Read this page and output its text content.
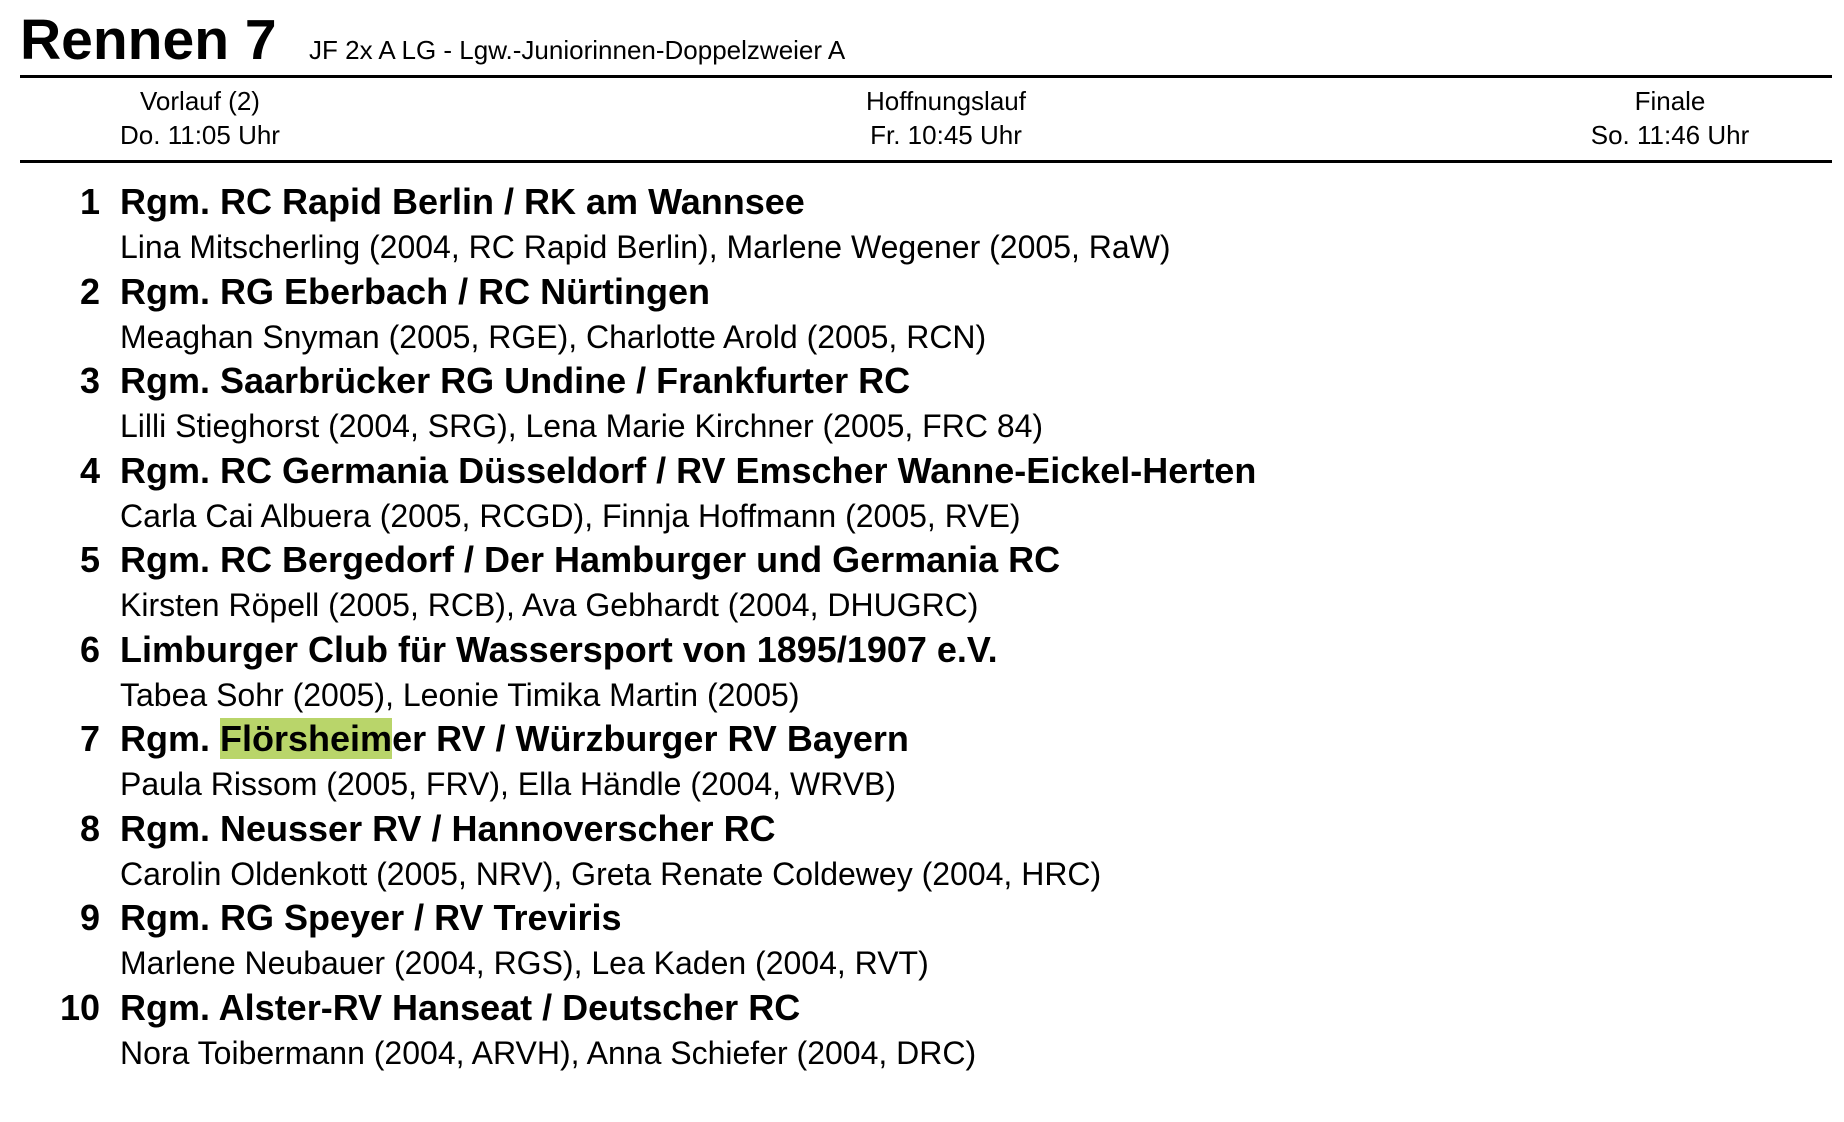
Rennen 7 JF 2x A LG - Lgw.-Juniorinnen-Doppelzweier A
Vorlauf (2)
Do. 11:05 Uhr
Hoffnungslauf
Fr. 10:45 Uhr
Finale
So. 11:46 Uhr
1 Rgm. RC Rapid Berlin / RK am Wannsee
Lina Mitscherling (2004, RC Rapid Berlin), Marlene Wegener (2005, RaW)
2 Rgm. RG Eberbach / RC Nürtingen
Meaghan Snyman (2005, RGE), Charlotte Arold (2005, RCN)
3 Rgm. Saarbrücker RG Undine / Frankfurter RC
Lilli Stieghorst (2004, SRG), Lena Marie Kirchner (2005, FRC 84)
4 Rgm. RC Germania Düsseldorf / RV Emscher Wanne-Eickel-Herten
Carla Cai Albuera (2005, RCGD), Finnja Hoffmann (2005, RVE)
5 Rgm. RC Bergedorf / Der Hamburger und Germania RC
Kirsten Röpell (2005, RCB), Ava Gebhardt (2004, DHUGRC)
6 Limburger Club für Wassersport von 1895/1907 e.V.
Tabea Sohr (2005), Leonie Timika Martin (2005)
7 Rgm. Flörsheimer RV / Würzburger RV Bayern
Paula Rissom (2005, FRV), Ella Händle (2004, WRVB)
8 Rgm. Neusser RV / Hannoverscher RC
Carolin Oldenkott (2005, NRV), Greta Renate Coldewey (2004, HRC)
9 Rgm. RG Speyer / RV Treviris
Marlene Neubauer (2004, RGS), Lea Kaden (2004, RVT)
10 Rgm. Alster-RV Hanseat / Deutscher RC
Nora Toibermann (2004, ARVH), Anna Schiefer (2004, DRC)
